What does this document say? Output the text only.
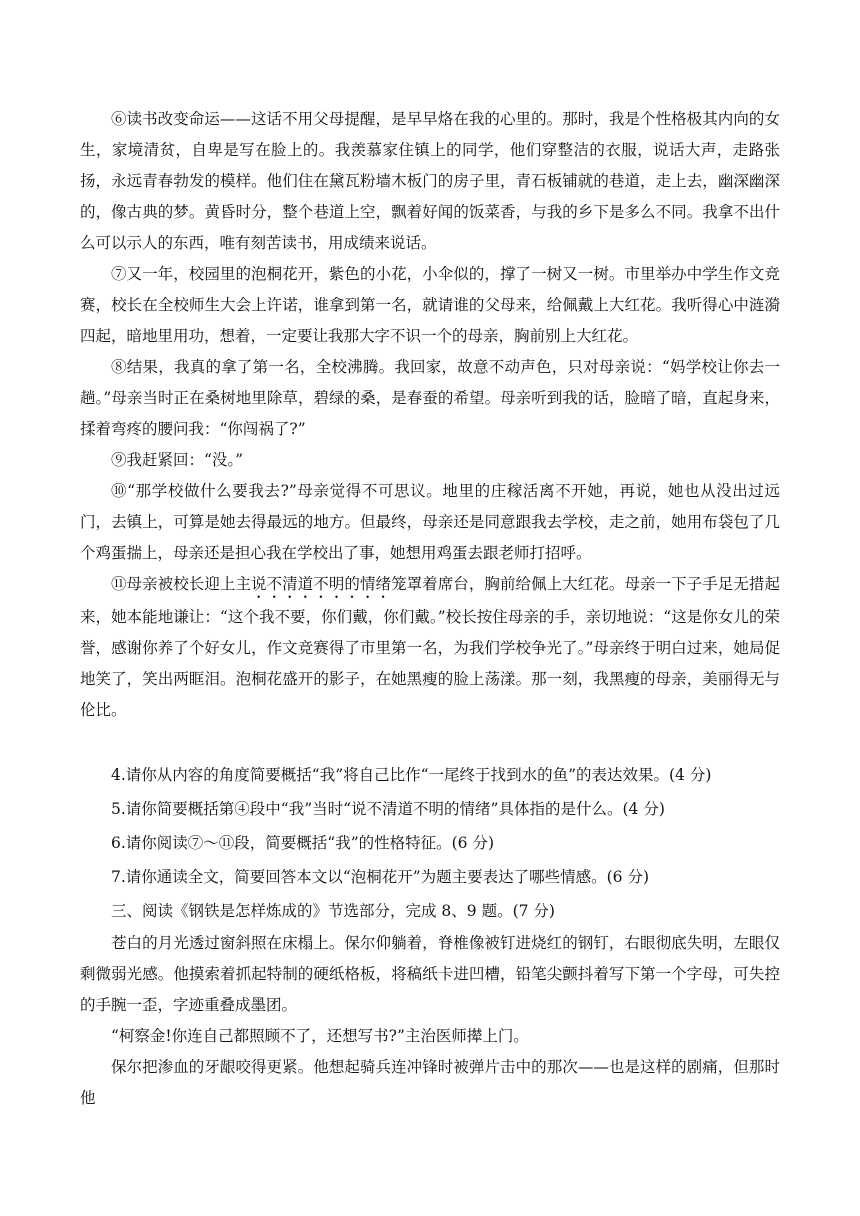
⑥读书改变命运——这话不用父母提醒，是早早烙在我的心里的。那时，我是个性格极其内向的女生，家境清贫，自卑是写在脸上的。我羡慕家住镇上的同学，他们穿整洁的衣服，说话大声，走路张扬，永远青春勃发的模样。他们住在黛瓦粉墙木板门的房子里，青石板铺就的巷道，走上去，幽深幽深的，像古典的梦。黄昏时分，整个巷道上空，飘着好闻的饭菜香，与我的乡下是多么不同。我拿不出什么可以示人的东西，唯有刻苦读书，用成绩来说话。

⑦又一年，校园里的泡桐花开，紫色的小花，小伞似的，撑了一树又一树。市里举办中学生作文竞赛，校长在全校师生大会上许诺，谁拿到第一名，就请谁的父母来，给佩戴上大红花。我听得心中涟漪四起，暗地里用功，想着，一定要让我那大字不识一个的母亲，胸前别上大红花。

⑧结果，我真的拿了第一名，全校沸腾。我回家，故意不动声色，只对母亲说：“妈学校让你去一趟。”母亲当时正在桑树地里除草，碧绿的桑，是春蚕的希望。母亲听到我的话，脸暗了暗，直起身来，揉着弯疼的腰问我：“你闯祸了?”

⑨我赶紧回：“没。”

⑩“那学校做什么要我去?”母亲觉得不可思议。地里的庄稼活离不开她，再说，她也从没出过远门，去镇上，可算是她去得最远的地方。但最终，母亲还是同意跟我去学校，走之前，她用布袋包了几个鸡蛋揣上，母亲还是担心我在学校出了事，她想用鸡蛋去跟老师打招呼。

⑪母亲被校长迎上主说不清道不明的情绪笼罩着席台，胸前给佩上大红花。母亲一下子手足无措起来，她本能地谦让：“这个我不要，你们戴，你们戴。”校长按住母亲的手，亲切地说：“这是你女儿的荣誉，感谢你养了个好女儿，作文竞赛得了市里第一名，为我们学校争光了。”母亲终于明白过来，她局促地笑了，笑出两眶泪。泡桐花盛开的影子，在她黑瘦的脸上荡漾。那一刻，我黑瘦的母亲，美丽得无与伦比。

4.请你从内容的角度简要概括“我”将自己比作“一尾终于找到水的鱼”的表达效果。(4 分)

5.请你简要概括第④段中“我”当时“说不清道不明的情绪”具体指的是什么。(4 分)

6.请你阅读⑦～⑪段，简要概括“我”的性格特征。(6 分)

7.请你通读全文，简要回答本文以“泡桐花开”为题主要表达了哪些情感。(6 分)

三、阅读《钢铁是怎样炼成的》节选部分，完成 8、9 题。(7 分)

苍白的月光透过窗斜照在床榻上。保尔仰躺着，脊椎像被钉进烧红的钢钉，右眼彻底失明，左眼仅剩微弱光感。他摸索着抓起特制的硬纸格板，将稿纸卡进凹槽，铅笔尖颤抖着写下第一个字母，可失控的手腕一歪，字迹重叠成墨团。

“柯察金!你连自己都照顾不了，还想写书?”主治医师撵上门。

保尔把渗血的牙龈咬得更紧。他想起骑兵连冲锋时被弹片击中的那次——也是这样的剧痛，但那时他
